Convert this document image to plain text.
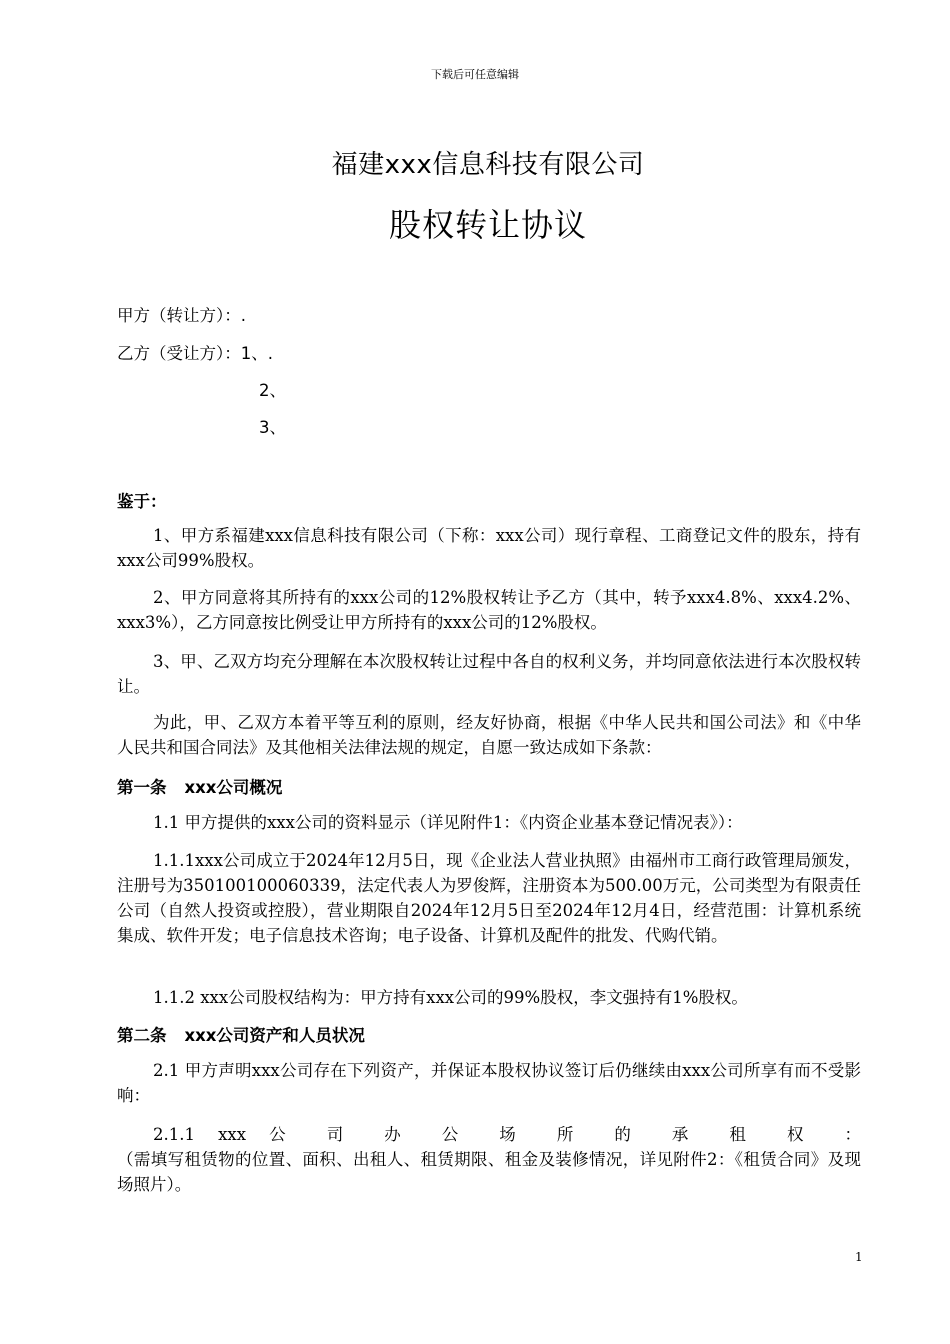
下载后可任意编辑
福建xxx信息科技有限公司
股权转让协议
甲方（转让方）：.
乙方（受让方）：1、.
2、
3、
鉴于：
1、甲方系福建xxx信息科技有限公司（下称：xxx公司）现行章程、工商登记文件的股东，持有xxx公司99%股权。
2、甲方同意将其所持有的xxx公司的12%股权转让予乙方（其中，转予xxx4.8%、xxx4.2%、xxx3%），乙方同意按比例受让甲方所持有的xxx公司的12%股权。
3、甲、乙双方均充分理解在本次股权转让过程中各自的权利义务，并均同意依法进行本次股权转让。
为此，甲、乙双方本着平等互利的原则，经友好协商，根据《中华人民共和国公司法》和《中华人民共和国合同法》及其他相关法律法规的规定，自愿一致达成如下条款：
第一条 xxx公司概况
1.1 甲方提供的xxx公司的资料显示（详见附件1：《内资企业基本登记情况表》）：
1.1.1xxx公司成立于2024年12月5日，现《企业法人营业执照》由福州市工商行政管理局颁发，注册号为350100100060339，法定代表人为罗俊辉，注册资本为500.00万元，公司类型为有限责任公司（自然人投资或控股），营业期限自2024年12月5日至2024年12月4日，经营范围：计算机系统集成、软件开发；电子信息技术咨询；电子设备、计算机及配件的批发、代购代销。
1.1.2 xxx公司股权结构为：甲方持有xxx公司的99%股权，李文强持有1%股权。
第二条 xxx公司资产和人员状况
2.1 甲方声明xxx公司存在下列资产，并保证本股权协议签订后仍继续由xxx公司所享有而不受影响：
2.1.1 xxx 公 司 办 公 场 所 的 承 租 权 ：
（需填写租赁物的位置、面积、出租人、租赁期限、租金及装修情况，详见附件2：《租赁合同》及现场照片）。
1
